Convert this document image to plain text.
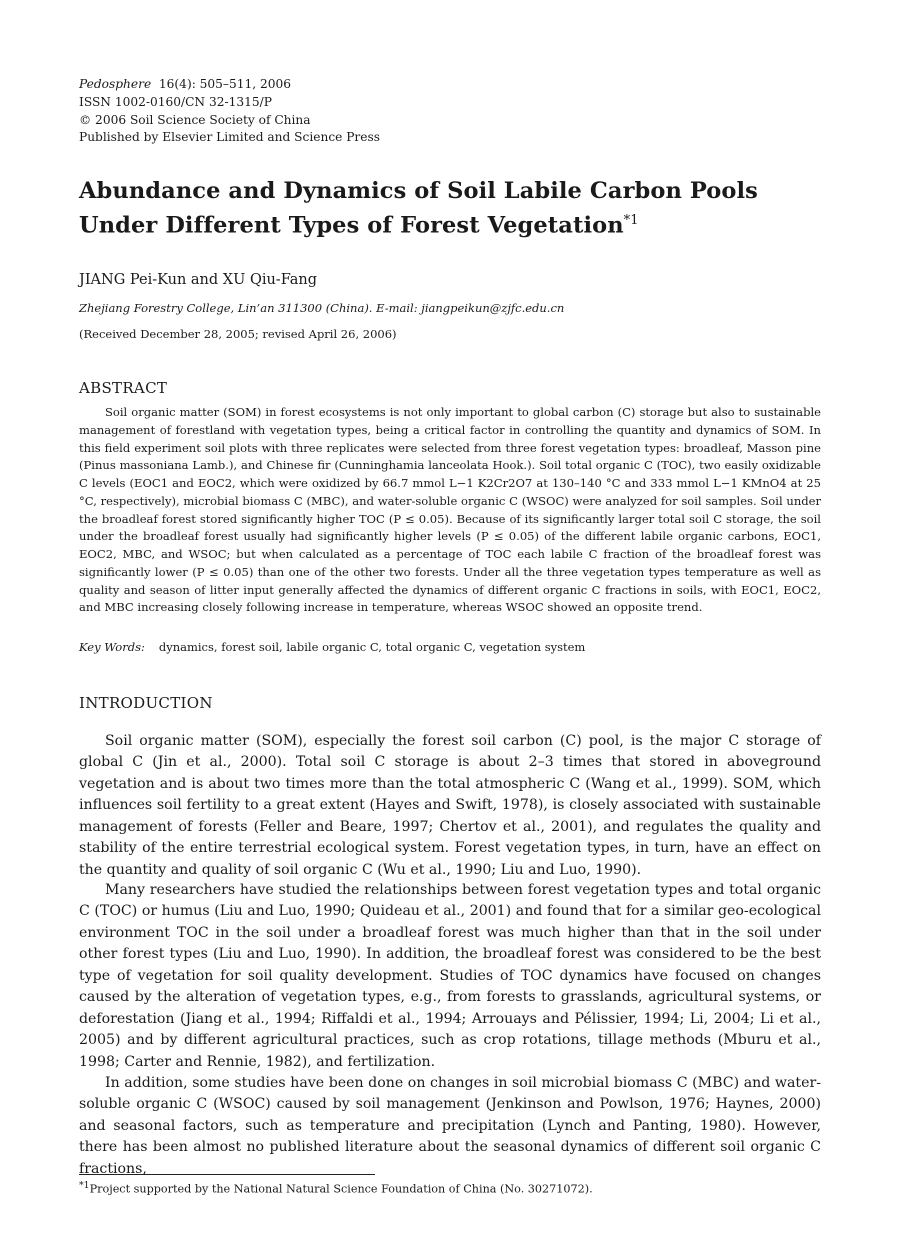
Pedosphere 16(4): 505–511, 2006
ISSN 1002-0160/CN 32-1315/P
© 2006 Soil Science Society of China
Published by Elsevier Limited and Science Press
Abundance and Dynamics of Soil Labile Carbon Pools
Under Different Types of Forest Vegetation$^{*1}$
JIANG Pei-Kun and XU Qiu-Fang
Zhejiang Forestry College, Lin’an 311300 (China). E-mail: jiangpeikun@zjfc.edu.cn
(Received December 28, 2005; revised April 26, 2006)
ABSTRACT

Soil organic matter (SOM) in forest ecosystems is not only important to global carbon (C) storage but also to sustainable management of forestland with vegetation types, being a critical factor in controlling the quantity and dynamics of SOM. In this field experiment soil plots with three replicates were selected from three forest vegetation types: broadleaf, Masson pine (Pinus massoniana Lamb.), and Chinese fir (Cunninghamia lanceolata Hook.). Soil total organic C (TOC), two easily oxidizable C levels (EOC1 and EOC2, which were oxidized by 66.7 mmol L−1 K2Cr2O7 at 130–140 °C and 333 mmol L−1 KMnO4 at 25 °C, respectively), microbial biomass C (MBC), and water-soluble organic C (WSOC) were analyzed for soil samples. Soil under the broadleaf forest stored significantly higher TOC (P ≤ 0.05). Because of its significantly larger total soil C storage, the soil under the broadleaf forest usually had significantly higher levels (P ≤ 0.05) of the different labile organic carbons, EOC1, EOC2, MBC, and WSOC; but when calculated as a percentage of TOC each labile C fraction of the broadleaf forest was significantly lower (P ≤ 0.05) than one of the other two forests. Under all the three vegetation types temperature as well as quality and season of litter input generally affected the dynamics of different organic C fractions in soils, with EOC1, EOC2, and MBC increasing closely following increase in temperature, whereas WSOC showed an opposite trend.

Key Words: dynamics, forest soil, labile organic C, total organic C, vegetation system
INTRODUCTION

Soil organic matter (SOM), especially the forest soil carbon (C) pool, is the major C storage of global C (Jin et al., 2000). Total soil C storage is about 2–3 times that stored in aboveground vegetation and is about two times more than the total atmospheric C (Wang et al., 1999). SOM, which influences soil fertility to a great extent (Hayes and Swift, 1978), is closely associated with sustainable management of forests (Feller and Beare, 1997; Chertov et al., 2001), and regulates the quality and stability of the entire terrestrial ecological system. Forest vegetation types, in turn, have an effect on the quantity and quality of soil organic C (Wu et al., 1990; Liu and Luo, 1990).

Many researchers have studied the relationships between forest vegetation types and total organic C (TOC) or humus (Liu and Luo, 1990; Quideau et al., 2001) and found that for a similar geo-ecological environment TOC in the soil under a broadleaf forest was much higher than that in the soil under other forest types (Liu and Luo, 1990). In addition, the broadleaf forest was considered to be the best type of vegetation for soil quality development. Studies of TOC dynamics have focused on changes caused by the alteration of vegetation types, e.g., from forests to grasslands, agricultural systems, or deforestation (Jiang et al., 1994; Riffaldi et al., 1994; Arrouays and Pélissier, 1994; Li, 2004; Li et al., 2005) and by different agricultural practices, such as crop rotations, tillage methods (Mburu et al., 1998; Carter and Rennie, 1982), and fertilization.

In addition, some studies have been done on changes in soil microbial biomass C (MBC) and water-soluble organic C (WSOC) caused by soil management (Jenkinson and Powlson, 1976; Haynes, 2000) and seasonal factors, such as temperature and precipitation (Lynch and Panting, 1980). However, there has been almost no published literature about the seasonal dynamics of different soil organic C fractions,

$^{*1}$Project supported by the National Natural Science Foundation of China (No. 30271072).
